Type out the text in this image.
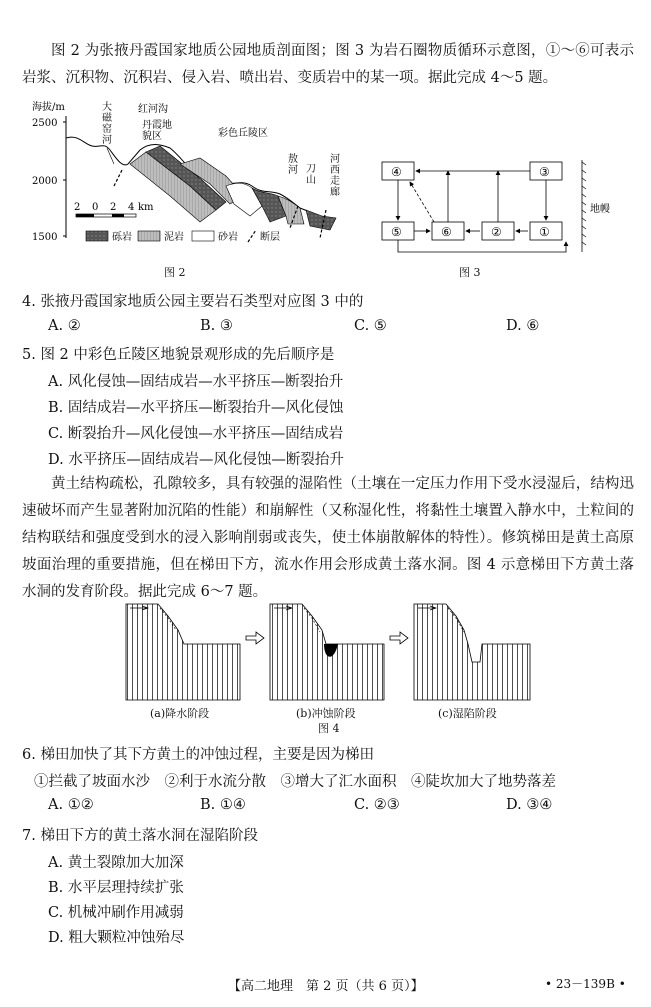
图 2 为张掖丹霞国家地质公园地质剖面图；图 3 为岩石圈物质循环示意图，①～⑥可表示岩浆、沉积物、沉积岩、侵入岩、喷出岩、变质岩中的某一项。据此完成 4～5 题。
海拔/m
2500
2000
1500
大磁窑河
红河沟
丹霞地貌区	彩色丘陵区
敖河 刀山
河西走廊
2 0 2 4 km
砾岩	泥岩	砂岩 断层
图 2
④	③
⑤	⑥	②	①
地幔
图 3
4. 张掖丹霞国家地质公园主要岩石类型对应图 3 中的
A. ②	B. ③	C. ⑤	D. ⑥
5. 图 2 中彩色丘陵区地貌景观形成的先后顺序是
A. 风化侵蚀—固结成岩—水平挤压—断裂抬升
B. 固结成岩—水平挤压—断裂抬升—风化侵蚀
C. 断裂抬升—风化侵蚀—水平挤压—固结成岩
D. 水平挤压—固结成岩—风化侵蚀—断裂抬升
黄土结构疏松，孔隙较多，具有较强的湿陷性（土壤在一定压力作用下受水浸湿后，结构迅速破坏而产生显著附加沉陷的性能）和崩解性（又称湿化性，将黏性土壤置入静水中，土粒间的结构联结和强度受到水的浸入影响削弱或丧失，使土体崩散解体的特性）。修筑梯田是黄土高原坡面治理的重要措施，但在梯田下方，流水作用会形成黄土落水洞。图 4 示意梯田下方黄土落水洞的发育阶段。据此完成 6～7 题。
(a)降水阶段	(b)冲蚀阶段	(c)湿陷阶段
图 4
6. 梯田加快了其下方黄土的冲蚀过程，主要是因为梯田
①拦截了坡面水沙　②利于水流分散　③增大了汇水面积　④陡坎加大了地势落差
A. ①②	B. ①④	C. ②③	D. ③④
7. 梯田下方的黄土落水洞在湿陷阶段
A. 黄土裂隙加大加深
B. 水平层理持续扩张
C. 机械冲刷作用减弱
D. 粗大颗粒冲蚀殆尽
【高二地理　第 2 页（共 6 页）】	• 23－139B •
